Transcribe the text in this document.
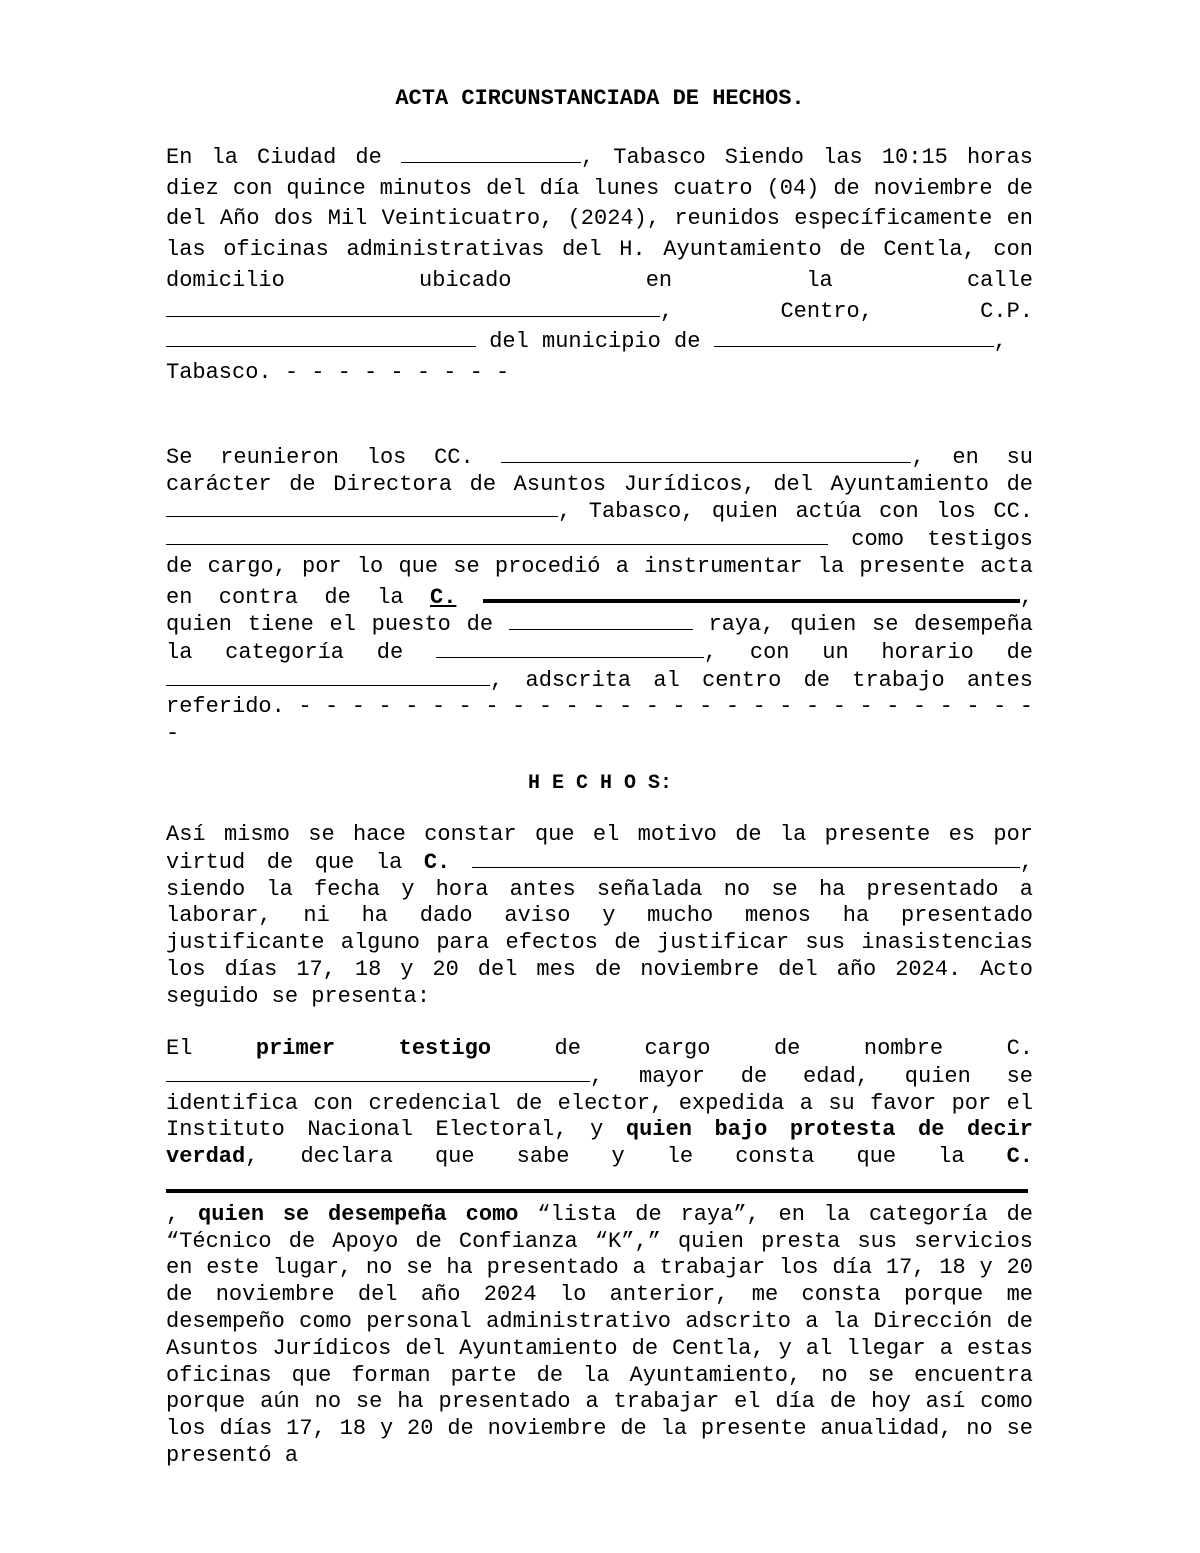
ACTA CIRCUNSTANCIADA DE HECHOS.
En la Ciudad de	, Tabasco Siendo las 10:15 horas diez con quince minutos del día lunes cuatro (04) de noviembre de del Año dos Mil Veinticuatro, (2024), reunidos específicamente en las oficinas administrativas del H. Ayuntamiento de Centla, con domicilio ubicado en la calle , Centro, C.P.  del municipio de	,
Tabasco. - - - - - - - - -
Se reunieron los CC.	, en su carácter de Directora de Asuntos Jurídicos, del Ayuntamiento de , Tabasco, quien actúa con los CC.  como testigos de cargo, por lo que se procedió a instrumentar la presente acta en contra de la C.	, quien tiene el puesto de	raya, quien se desempeña la categoría de	, con un horario de , adscrita al centro de trabajo antes referido. - - - - - - - - - - - - - - - - - - - - - - - - - - - - -
H E C H O S:
Así mismo se hace constar que el motivo de la presente es por virtud de que la C.	, siendo la fecha y hora antes señalada no se ha presentado a laborar, ni ha dado aviso y mucho menos ha presentado justificante alguno para efectos de justificar sus inasistencias los días 17, 18 y 20 del mes de noviembre del año 2024. Acto seguido se presenta:
El primer testigo de cargo de nombre C. , mayor de edad, quien se identifica con credencial de elector, expedida a su favor por el Instituto Nacional Electoral, y quien bajo protesta de decir verdad, declara que sabe y le consta que la C.  , quien se desempeña como “lista de raya”, en la categoría de “Técnico de Apoyo de Confianza “K”,” quien presta sus servicios en este lugar, no se ha presentado a trabajar los día 17, 18 y 20 de noviembre del año 2024 lo anterior, me consta porque me desempeño como personal administrativo adscrito a la Dirección de Asuntos Jurídicos del Ayuntamiento de Centla, y al llegar a estas oficinas que forman parte de la Ayuntamiento, no se encuentra porque aún no se ha presentado a trabajar el día de hoy así como los días 17, 18 y 20 de noviembre de la presente anualidad, no se presentó a
